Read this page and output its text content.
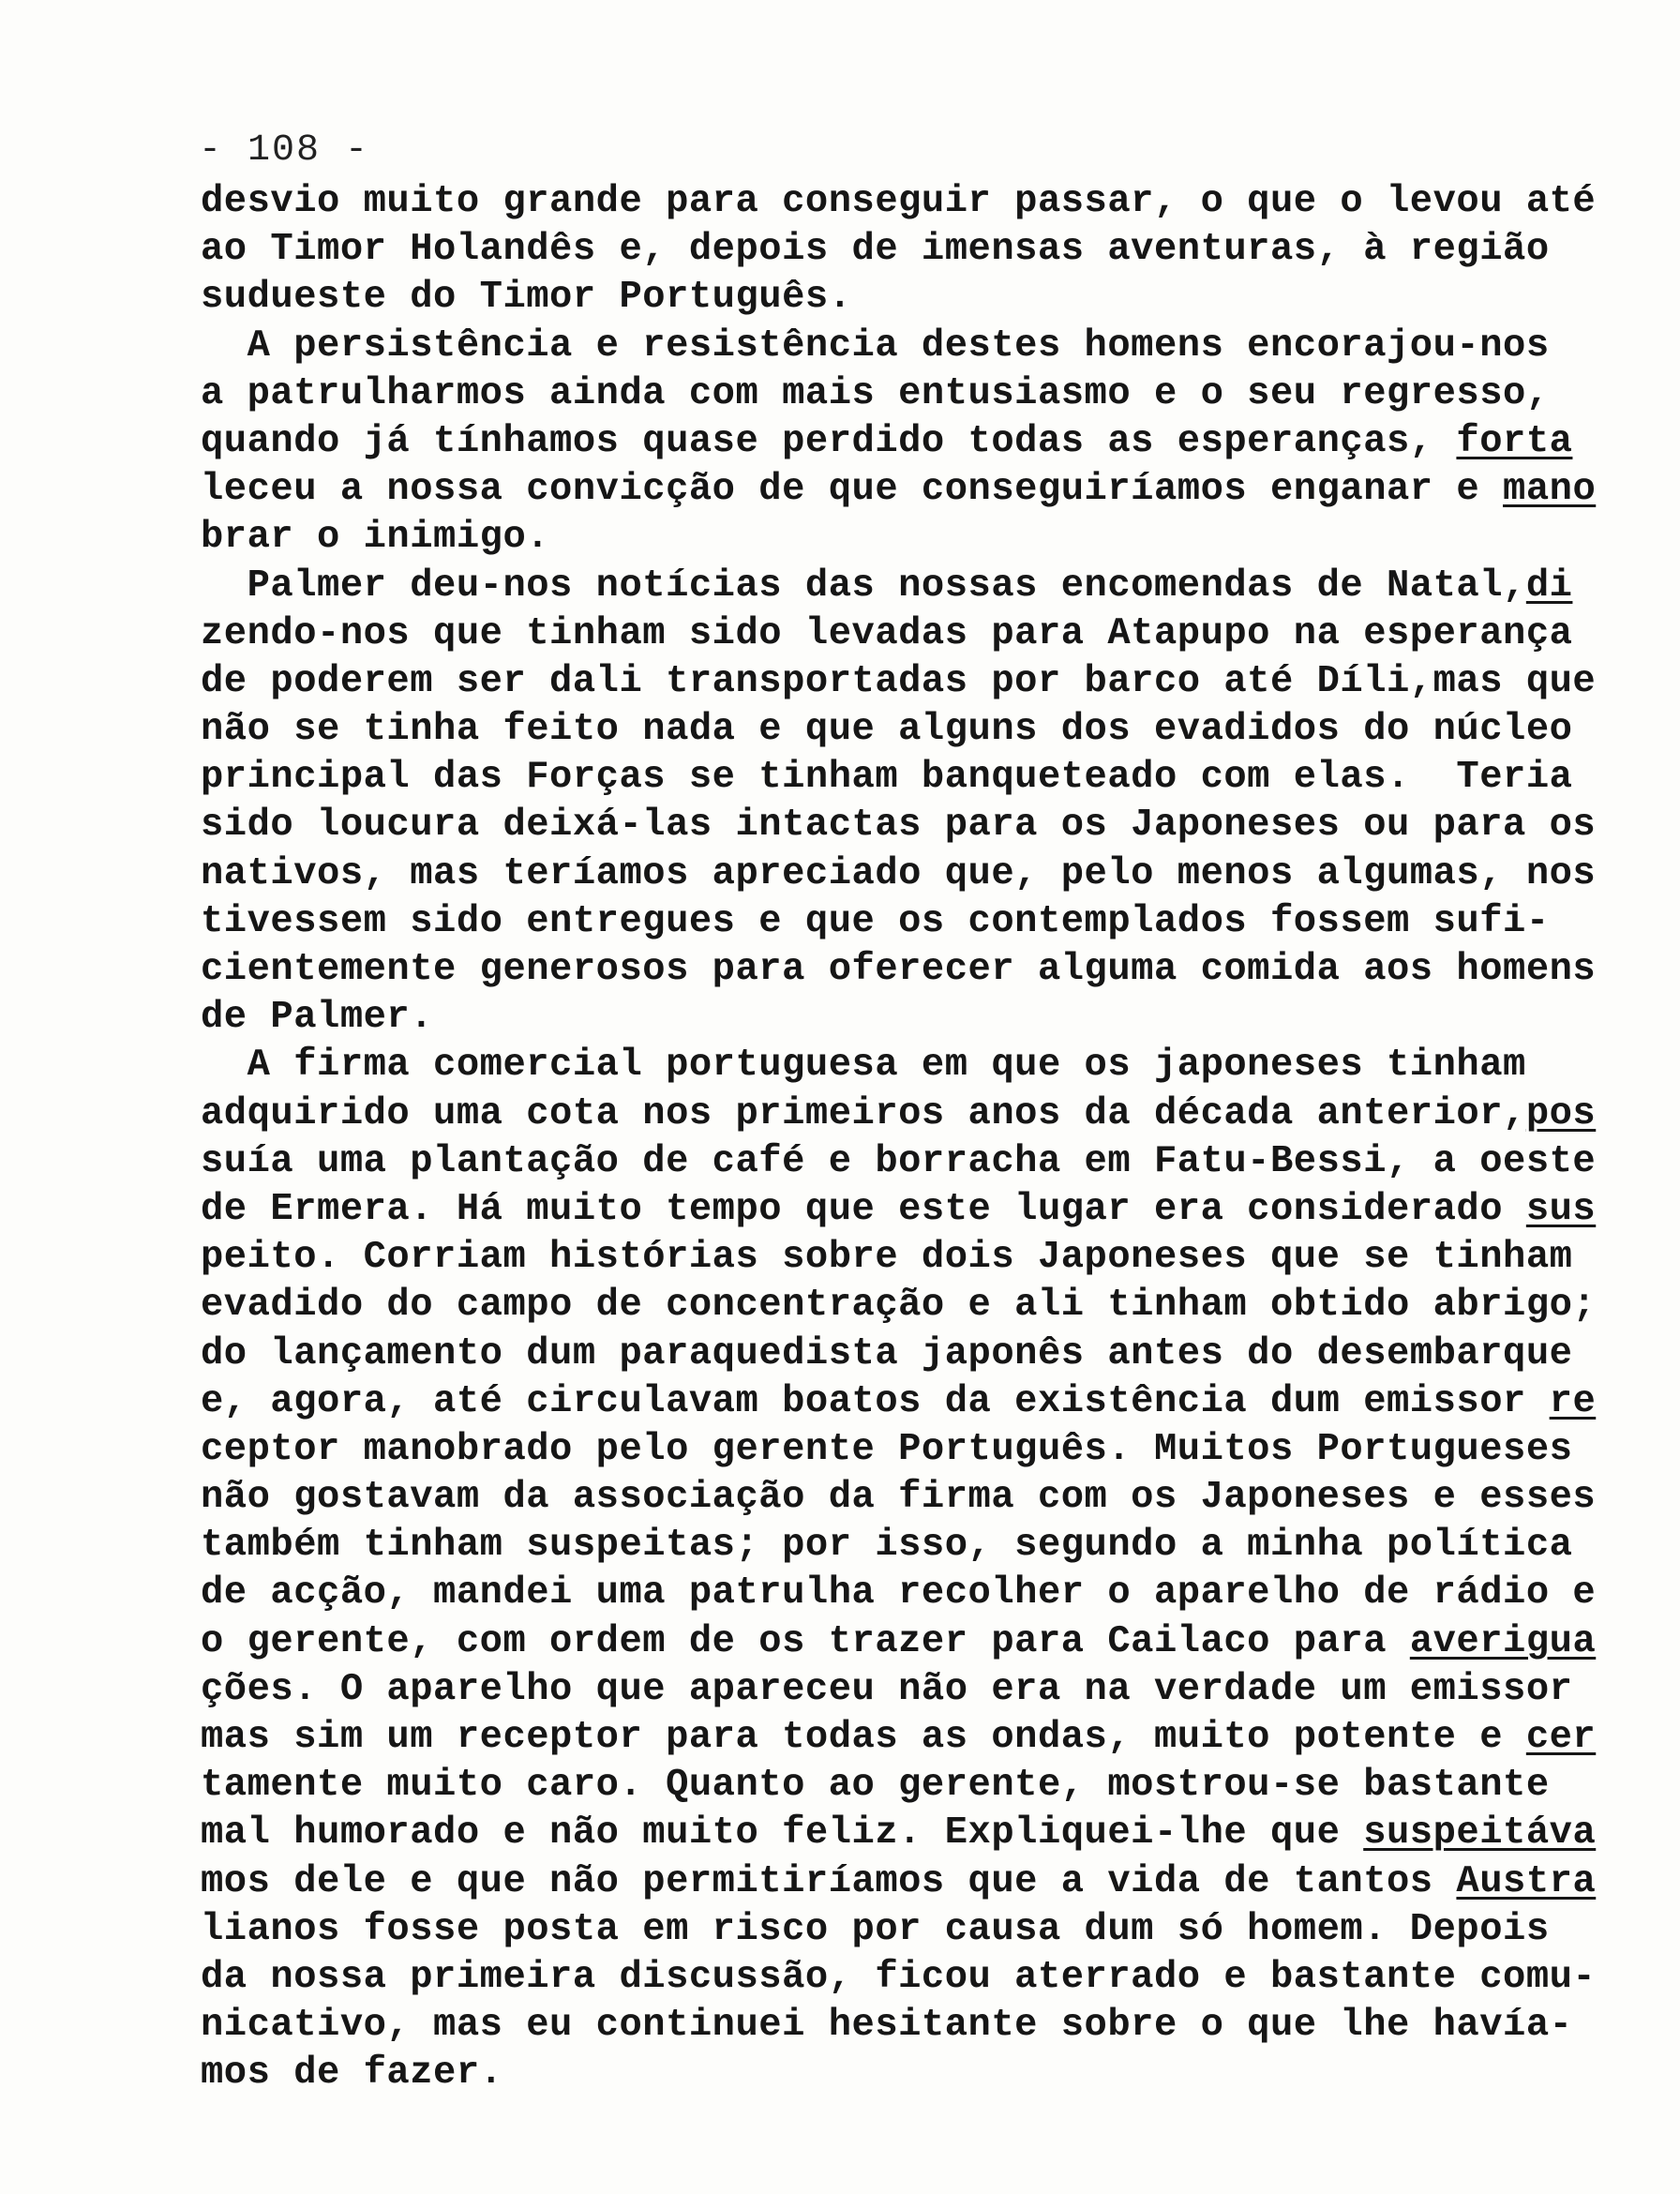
- 108 -
desvio muito grande para conseguir passar, o que o levou até
ao Timor Holandês e, depois de imensas aventuras, à região
sudueste do Timor Português.
A persistência e resistência destes homens encorajou-nos
a patrulharmos ainda com mais entusiasmo e o seu regresso,
quando já tínhamos quase perdido todas as esperanças, forta
leceu a nossa convicção de que conseguiríamos enganar e mano
brar o inimigo.
Palmer deu-nos notícias das nossas encomendas de Natal,di
zendo-nos que tinham sido levadas para Atapupo na esperança
de poderem ser dali transportadas por barco até Díli,mas que
não se tinha feito nada e que alguns dos evadidos do núcleo
principal das Forças se tinham banqueteado com elas.  Teria
sido loucura deixá-las intactas para os Japoneses ou para os
nativos, mas teríamos apreciado que, pelo menos algumas, nos
tivessem sido entregues e que os contemplados fossem sufi-
cientemente generosos para oferecer alguma comida aos homens
de Palmer.
A firma comercial portuguesa em que os japoneses tinham
adquirido uma cota nos primeiros anos da década anterior,pos
suía uma plantação de café e borracha em Fatu-Bessi, a oeste
de Ermera. Há muito tempo que este lugar era considerado sus
peito. Corriam histórias sobre dois Japoneses que se tinham
evadido do campo de concentração e ali tinham obtido abrigo;
do lançamento dum paraquedista japonês antes do desembarque
e, agora, até circulavam boatos da existência dum emissor re
ceptor manobrado pelo gerente Português. Muitos Portugueses
não gostavam da associação da firma com os Japoneses e esses
também tinham suspeitas; por isso, segundo a minha política
de acção, mandei uma patrulha recolher o aparelho de rádio e
o gerente, com ordem de os trazer para Cailaco para averigua
ções. O aparelho que apareceu não era na verdade um emissor
mas sim um receptor para todas as ondas, muito potente e cer
tamente muito caro. Quanto ao gerente, mostrou-se bastante
mal humorado e não muito feliz. Expliquei-lhe que suspeitáva
mos dele e que não permitiríamos que a vida de tantos Austra
lianos fosse posta em risco por causa dum só homem. Depois
da nossa primeira discussão, ficou aterrado e bastante comu-
nicativo, mas eu continuei hesitante sobre o que lhe havía-
mos de fazer.
